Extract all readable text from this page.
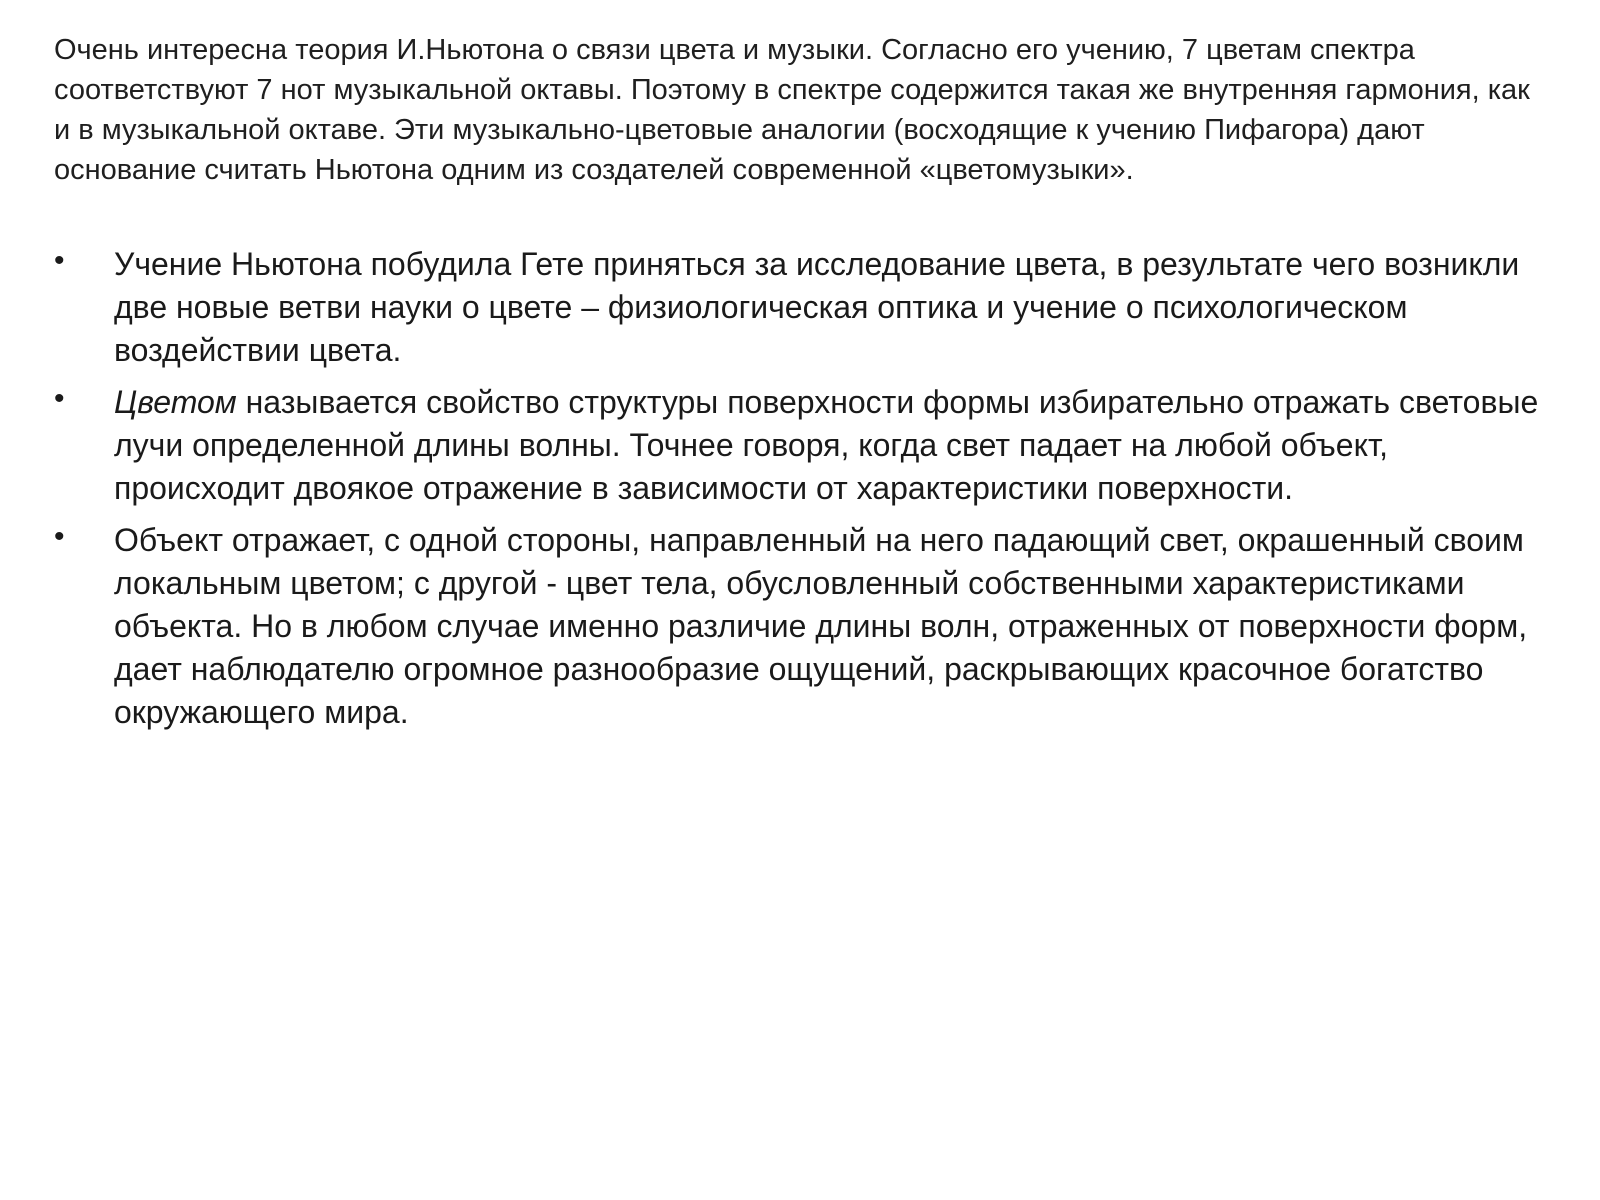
Очень интересна теория И.Ньютона о связи цвета и музыки. Согласно его учению, 7 цветам спектра соответствуют 7 нот музыкальной октавы. Поэтому в спектре содержится такая же внутренняя гармония, как и в музыкальной октаве. Эти музыкально-цветовые аналогии (восходящие к учению Пифагора) дают основание считать Ньютона одним из создателей современной «цветомузыки».

• Учение Ньютона побудила Гете приняться за исследование цвета, в результате чего возникли две новые ветви науки о цвете – физиологическая оптика и учение о психологическом воздействии цвета.
• Цветом называется свойство структуры поверхности формы избирательно отражать световые лучи определенной длины волны. Точнее говоря, когда свет падает на любой объект, происходит двоякое отражение в зависимости от характеристики поверхности.
• Объект отражает, с одной стороны, направленный на него падающий свет, окрашенный своим локальным цветом; с другой - цвет тела, обусловленный собственными характеристиками объекта. Но в любом случае именно различие длины волн, отраженных от поверхности форм, дает наблюдателю огромное разнообразие ощущений, раскрывающих красочное богатство окружающего мира.
